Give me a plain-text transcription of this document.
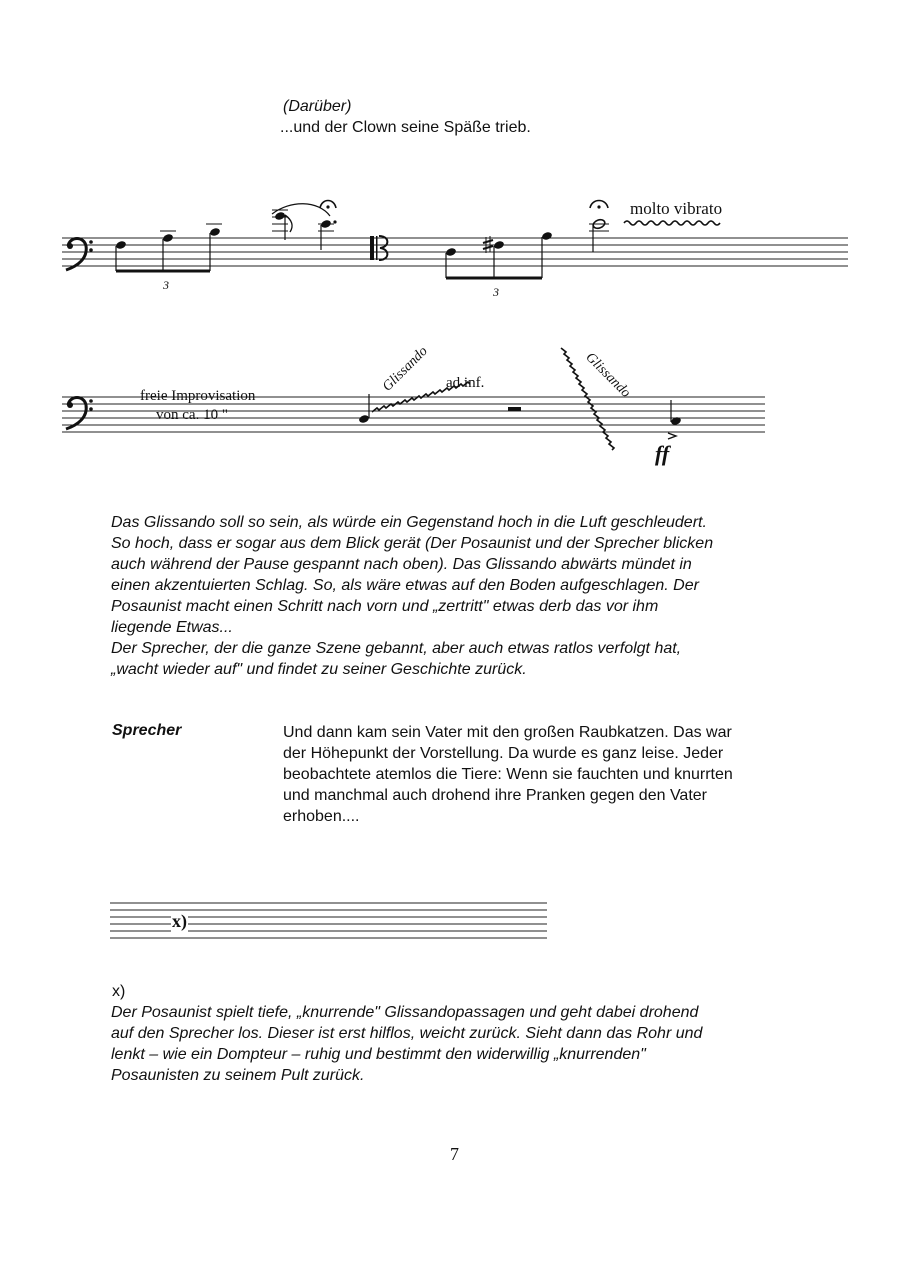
(Darüber)
...und der Clown seine Späße trieb.
3	3
molto vibrato
freie Improvisation
von ca. 10 "
Glissando ad inf.	Glissando
ff
Das Glissando soll so sein, als würde ein Gegenstand hoch in die Luft geschleudert.
So hoch, dass er sogar aus dem Blick gerät (Der Posaunist und der Sprecher blicken
auch während der Pause gespannt nach oben). Das Glissando abwärts mündet in
einen akzentuierten Schlag. So, als wäre etwas auf den Boden aufgeschlagen. Der
Posaunist macht einen Schritt nach vorn und „zertritt" etwas derb das vor ihm
liegende Etwas...
Der Sprecher, der die ganze Szene gebannt, aber auch etwas ratlos verfolgt hat,
„wacht wieder auf" und findet zu seiner Geschichte zurück.
Sprecher	Und dann kam sein Vater mit den großen Raubkatzen. Das war
der Höhepunkt der Vorstellung. Da wurde es ganz leise. Jeder
beobachtete atemlos die Tiere: Wenn sie fauchten und knurrten
und manchmal auch drohend ihre Pranken gegen den Vater
erhoben....
x)
x)
Der Posaunist spielt tiefe, „knurrende" Glissandopassagen und geht dabei drohend
auf den Sprecher los. Dieser ist erst hilflos, weicht zurück. Sieht dann das Rohr und
lenkt – wie ein Dompteur – ruhig und bestimmt den widerwillig „knurrenden"
Posaunisten zu seinem Pult zurück.
7
